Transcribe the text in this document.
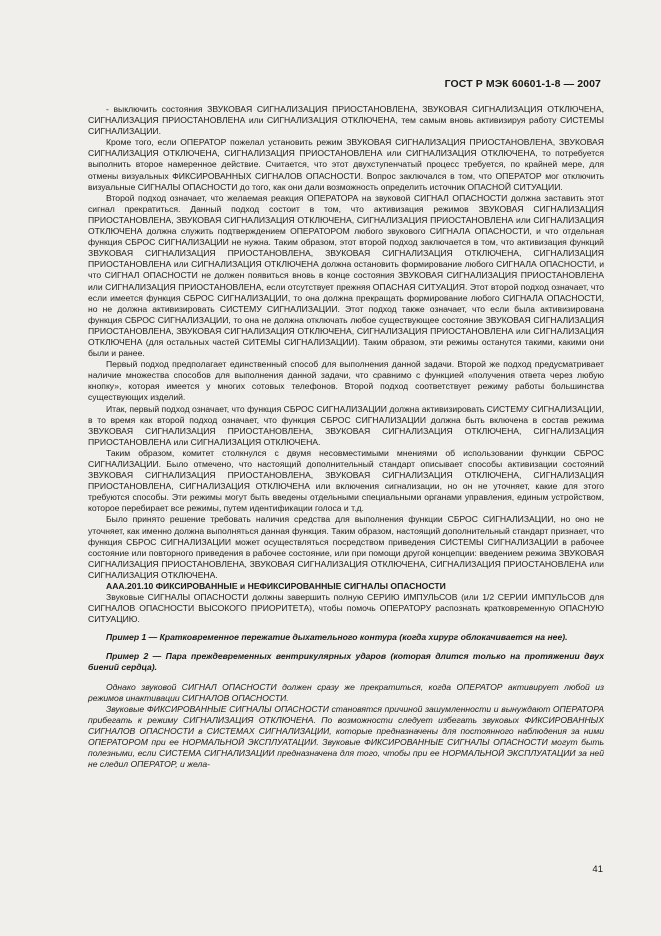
ГОСТ Р МЭК 60601-1-8 — 2007

- выключить состояния ЗВУКОВАЯ СИГНАЛИЗАЦИЯ ПРИОСТАНОВЛЕНА, ЗВУКОВАЯ СИГНАЛИЗАЦИЯ ОТКЛЮЧЕНА, СИГНАЛИЗАЦИЯ ПРИОСТАНОВЛЕНА или СИГНАЛИЗАЦИЯ ОТКЛЮЧЕНА, тем самым вновь активизируя работу СИСТЕМЫ СИГНАЛИЗАЦИИ.

Кроме того, если ОПЕРАТОР пожелал установить режим ЗВУКОВАЯ СИГНАЛИЗАЦИЯ ПРИОСТАНОВЛЕНА, ЗВУКОВАЯ СИГНАЛИЗАЦИЯ ОТКЛЮЧЕНА, СИГНАЛИЗАЦИЯ ПРИОСТАНОВЛЕНА или СИГНАЛИЗАЦИЯ ОТКЛЮЧЕНА, то потребуется выполнить второе намеренное действие. Считается, что этот двухступенчатый процесс требуется, по крайней мере, для отмены визуальных ФИКСИРОВАННЫХ СИГНАЛОВ ОПАСНОСТИ. Вопрос заключался в том, что ОПЕРАТОР мог отключить визуальные СИГНАЛЫ ОПАСНОСТИ до того, как они дали возможность определить источник ОПАСНОЙ СИТУАЦИИ.

Второй подход означает, что желаемая реакция ОПЕРАТОРА на звуковой СИГНАЛ ОПАСНОСТИ должна заставить этот сигнал прекратиться. Данный подход состоит в том, что активизация режимов ЗВУКОВАЯ СИГНАЛИЗАЦИЯ ПРИОСТАНОВЛЕНА, ЗВУКОВАЯ СИГНАЛИЗАЦИЯ ОТКЛЮЧЕНА, СИГНАЛИЗАЦИЯ ПРИОСТАНОВЛЕНА или СИГНАЛИЗАЦИЯ ОТКЛЮЧЕНА должна служить подтверждением ОПЕРАТОРОМ любого звукового СИГНАЛА ОПАСНОСТИ, и что отдельная функция СБРОС СИГНАЛИЗАЦИИ не нужна. Таким образом, этот второй подход заключается в том, что активизация функций ЗВУКОВАЯ СИГНАЛИЗАЦИЯ ПРИОСТАНОВЛЕНА, ЗВУКОВАЯ СИГНАЛИЗАЦИЯ ОТКЛЮЧЕНА, СИГНАЛИЗАЦИЯ ПРИОСТАНОВЛЕНА или СИГНАЛИЗАЦИЯ ОТКЛЮЧЕНА должна остановить формирование любого СИГНАЛА ОПАСНОСТИ, и что СИГНАЛ ОПАСНОСТИ не должен появиться вновь в конце состояния ЗВУКОВАЯ СИГНАЛИЗАЦИЯ ПРИОСТАНОВЛЕНА или СИГНАЛИЗАЦИЯ ПРИОСТАНОВЛЕНА, если отсутствует прежняя ОПАСНАЯ СИТУАЦИЯ. Этот второй подход означает, что если имеется функция СБРОС СИГНАЛИЗАЦИИ, то она должна прекращать формирование любого СИГНАЛА ОПАСНОСТИ, но не должна активизировать СИСТЕМУ СИГНАЛИЗАЦИИ. Этот подход также означает, что если была активизирована функция СБРОС СИГНАЛИЗАЦИИ, то она не должна отключать любое существующее состояние ЗВУКОВАЯ СИГНАЛИЗАЦИЯ ПРИОСТАНОВЛЕНА, ЗВУКОВАЯ СИГНАЛИЗАЦИЯ ОТКЛЮЧЕНА, СИГНАЛИЗАЦИЯ ПРИОСТАНОВЛЕНА или СИГНАЛИЗАЦИЯ ОТКЛЮЧЕНА (для остальных частей СИТЕМЫ СИГНАЛИЗАЦИИ). Таким образом, эти режимы останутся такими, какими они были и ранее.

Первый подход предполагает единственный способ для выполнения данной задачи. Второй же подход предусматривает наличие множества способов для выполнения данной задачи, что сравнимо с функцией «получения ответа через любую кнопку», которая имеется у многих сотовых телефонов. Второй подход соответствует режиму работы большинства существующих изделий.

Итак, первый подход означает, что функция СБРОС СИГНАЛИЗАЦИИ должна активизировать СИСТЕМУ СИГНАЛИЗАЦИИ, в то время как второй подход означает, что функция СБРОС СИГНАЛИЗАЦИИ должна быть включена в состав режима ЗВУКОВАЯ СИГНАЛИЗАЦИЯ ПРИОСТАНОВЛЕНА, ЗВУКОВАЯ СИГНАЛИЗАЦИЯ ОТКЛЮЧЕНА, СИГНАЛИЗАЦИЯ ПРИОСТАНОВЛЕНА или СИГНАЛИЗАЦИЯ ОТКЛЮЧЕНА.

Таким образом, комитет столкнулся с двумя несовместимыми мнениями об использовании функции СБРОС СИГНАЛИЗАЦИИ. Было отмечено, что настоящий дополнительный стандарт описывает способы активизации состояний ЗВУКОВАЯ СИГНАЛИЗАЦИЯ ПРИОСТАНОВЛЕНА, ЗВУКОВАЯ СИГНАЛИЗАЦИЯ ОТКЛЮЧЕНА, СИГНАЛИЗАЦИЯ ПРИОСТАНОВЛЕНА, СИГНАЛИЗАЦИЯ ОТКЛЮЧЕНА или включения сигнализации, но он не уточняет, какие для этого требуются способы. Эти режимы могут быть введены отдельными специальными органами управления, единым устройством, которое перебирает все режимы, путем идентификации голоса и т.д.

Было принято решение требовать наличия средства для выполнения функции СБРОС СИГНАЛИЗАЦИИ, но оно не уточняет, как именно должна выполняться данная функция. Таким образом, настоящий дополнительный стандарт признает, что функция СБРОС СИГНАЛИЗАЦИИ может осуществляться посредством приведения СИСТЕМЫ СИГНАЛИЗАЦИИ в рабочее состояние или повторного приведения в рабочее состояние, или при помощи другой концепции: введением режима ЗВУКОВАЯ СИГНАЛИЗАЦИЯ ПРИОСТАНОВЛЕНА, ЗВУКОВАЯ СИГНАЛИЗАЦИЯ ОТКЛЮЧЕНА, СИГНАЛИЗАЦИЯ ПРИОСТАНОВЛЕНА или СИГНАЛИЗАЦИЯ ОТКЛЮЧЕНА.

AAA.201.10 ФИКСИРОВАННЫЕ и НЕФИКСИРОВАННЫЕ СИГНАЛЫ ОПАСНОСТИ

Звуковые СИГНАЛЫ ОПАСНОСТИ должны завершить полную СЕРИЮ ИМПУЛЬСОВ (или 1/2 СЕРИИ ИМПУЛЬСОВ для СИГНАЛОВ ОПАСНОСТИ ВЫСОКОГО ПРИОРИТЕТА), чтобы помочь ОПЕРАТОРУ распознать кратковременную ОПАСНУЮ СИТУАЦИЮ.

Пример 1 — Кратковременное пережатие дыхательного контура (когда хирург облокачивается на нее).

Пример 2 — Пара преждевременных вентрикулярных ударов (которая длится только на протяжении двух биений сердца).

Однако звуковой СИГНАЛ ОПАСНОСТИ должен сразу же прекратиться, когда ОПЕРАТОР активирует любой из режимов инактивации СИГНАЛОВ ОПАСНОСТИ.

Звуковые ФИКСИРОВАННЫЕ СИГНАЛЫ ОПАСНОСТИ становятся причиной зашумленности и вынуждают ОПЕРАТОРА прибегать к режиму СИГНАЛИЗАЦИЯ ОТКЛЮЧЕНА. По возможности следует избегать звуковых ФИКСИРОВАННЫХ СИГНАЛОВ ОПАСНОСТИ в СИСТЕМАХ СИГНАЛИЗАЦИИ, которые предназначены для постоянного наблюдения за ними ОПЕРАТОРОМ при ее НОРМАЛЬНОЙ ЭКСПЛУАТАЦИИ. Звуковые ФИКСИРОВАННЫЕ СИГНАЛЫ ОПАСНОСТИ могут быть полезными, если СИСТЕМА СИГНАЛИЗАЦИИ предназначена для того, чтобы при ее НОРМАЛЬНОЙ ЭКСПЛУАТАЦИИ за ней не следил ОПЕРАТОР, и жела-

41
